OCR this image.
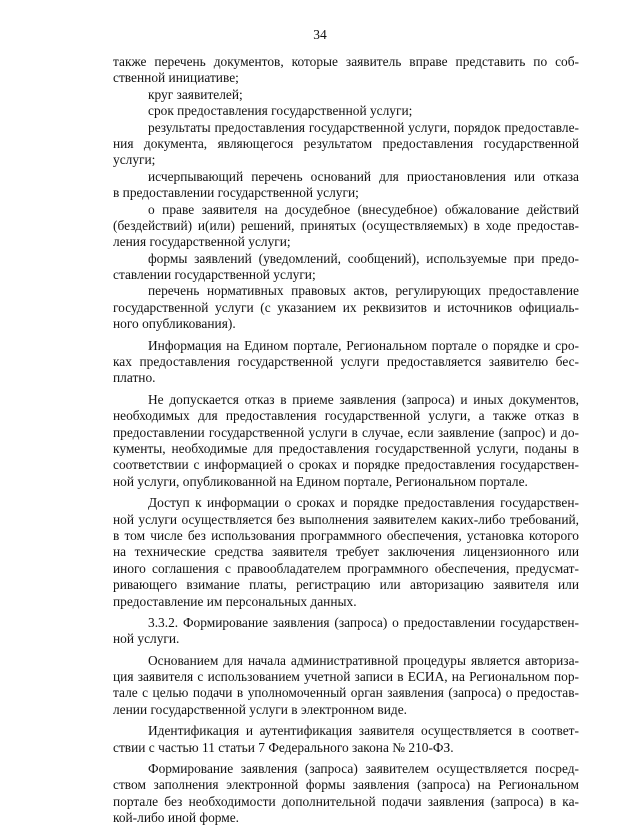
34
также перечень документов, которые заявитель вправе представить по соб-
ственной инициативе;
круг заявителей;
срок предоставления государственной услуги;
результаты предоставления государственной услуги, порядок предоставле-
ния документа, являющегося результатом предоставления государственной
услуги;
исчерпывающий перечень оснований для приостановления или отказа
в предоставлении государственной услуги;
о праве заявителя на досудебное (внесудебное) обжалование действий
(бездействий) и(или) решений, принятых (осуществляемых) в ходе предостав-
ления государственной услуги;
формы заявлений (уведомлений, сообщений), используемые при предо-
ставлении государственной услуги;
перечень нормативных правовых актов, регулирующих предоставление
государственной услуги (с указанием их реквизитов и источников официаль-
ного опубликования).
Информация на Едином портале, Региональном портале о порядке и сро-
ках предоставления государственной услуги предоставляется заявителю бес-
платно.
Не допускается отказ в приеме заявления (запроса) и иных документов,
необходимых для предоставления государственной услуги, а также отказ в
предоставлении государственной услуги в случае, если заявление (запрос) и до-
кументы, необходимые для предоставления государственной услуги, поданы в
соответствии с информацией о сроках и порядке предоставления государствен-
ной услуги, опубликованной на Едином портале, Региональном портале.
Доступ к информации о сроках и порядке предоставления государствен-
ной услуги осуществляется без выполнения заявителем каких-либо требований,
в том числе без использования программного обеспечения, установка которого
на технические средства заявителя требует заключения лицензионного или
иного соглашения с правообладателем программного обеспечения, предусмат-
ривающего взимание платы, регистрацию или авторизацию заявителя или
предоставление им персональных данных.
3.3.2. Формирование заявления (запроса) о предоставлении государствен-
ной услуги.
Основанием для начала административной процедуры является авториза-
ция заявителя с использованием учетной записи в ЕСИА, на Региональном пор-
тале с целью подачи в уполномоченный орган заявления (запроса) о предостав-
лении государственной услуги в электронном виде.
Идентификация и аутентификация заявителя осуществляется в соответ-
ствии с частью 11 статьи 7 Федерального закона № 210-ФЗ.
Формирование заявления (запроса) заявителем осуществляется посред-
ством заполнения электронной формы заявления (запроса) на Региональном
портале без необходимости дополнительной подачи заявления (запроса) в ка-
кой-либо иной форме.
